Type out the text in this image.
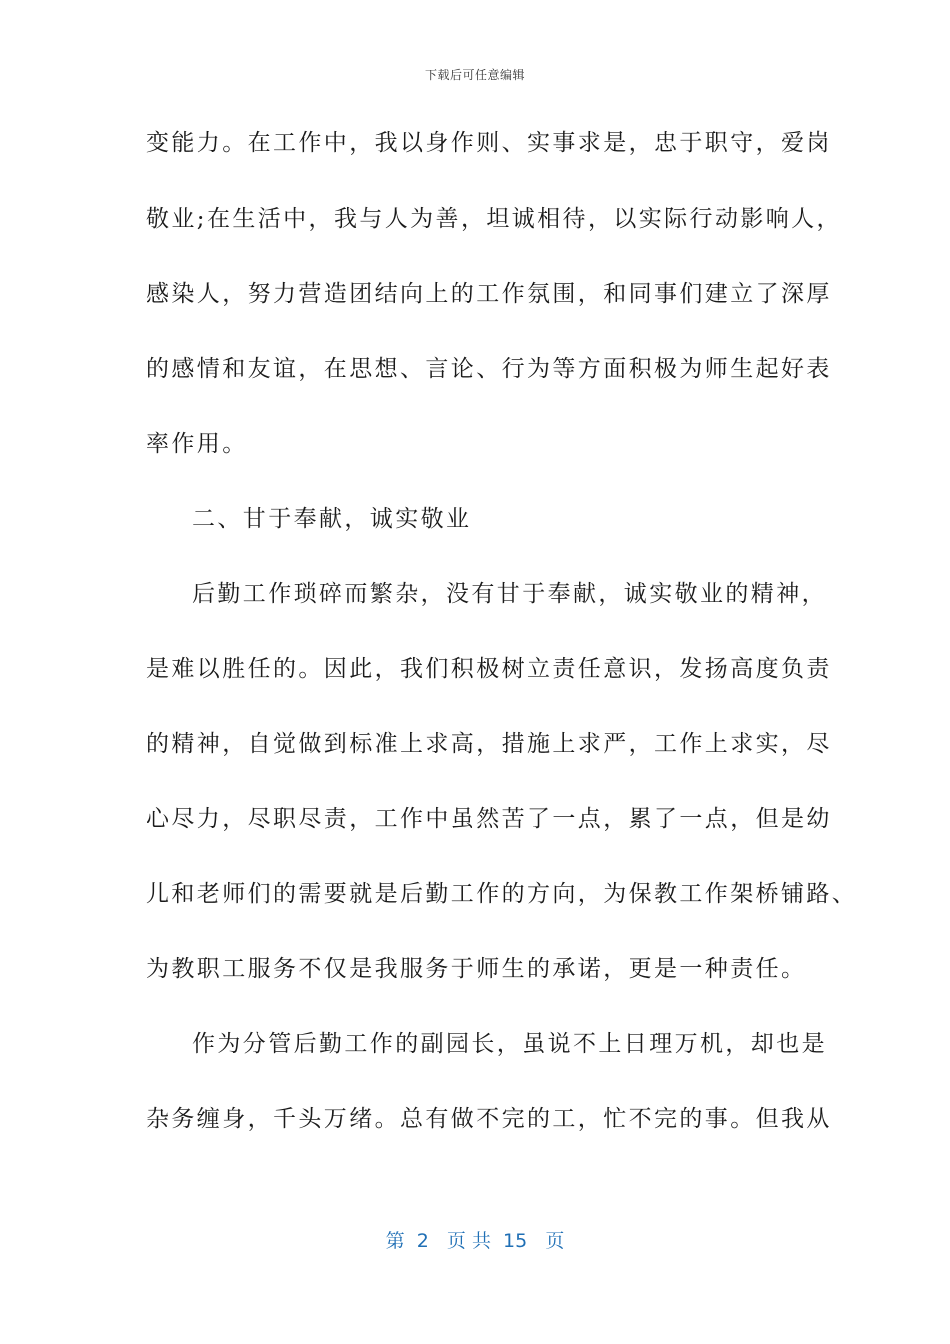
下载后可任意编辑
变能力。在工作中，我以身作则、实事求是，忠于职守，爱岗
敬业;在生活中，我与人为善，坦诚相待，以实际行动影响人，
感染人，努力营造团结向上的工作氛围，和同事们建立了深厚
的感情和友谊，在思想、言论、行为等方面积极为师生起好表
率作用。
二、甘于奉献，诚实敬业
后勤工作琐碎而繁杂，没有甘于奉献，诚实敬业的精神，
是难以胜任的。因此，我们积极树立责任意识，发扬高度负责
的精神，自觉做到标准上求高，措施上求严，工作上求实，尽
心尽力，尽职尽责，工作中虽然苦了一点，累了一点，但是幼
儿和老师们的需要就是后勤工作的方向，为保教工作架桥铺路、
为教职工服务不仅是我服务于师生的承诺，更是一种责任。
作为分管后勤工作的副园长，虽说不上日理万机，却也是
杂务缠身，千头万绪。总有做不完的工，忙不完的事。但我从
第  2   页 共  15   页
